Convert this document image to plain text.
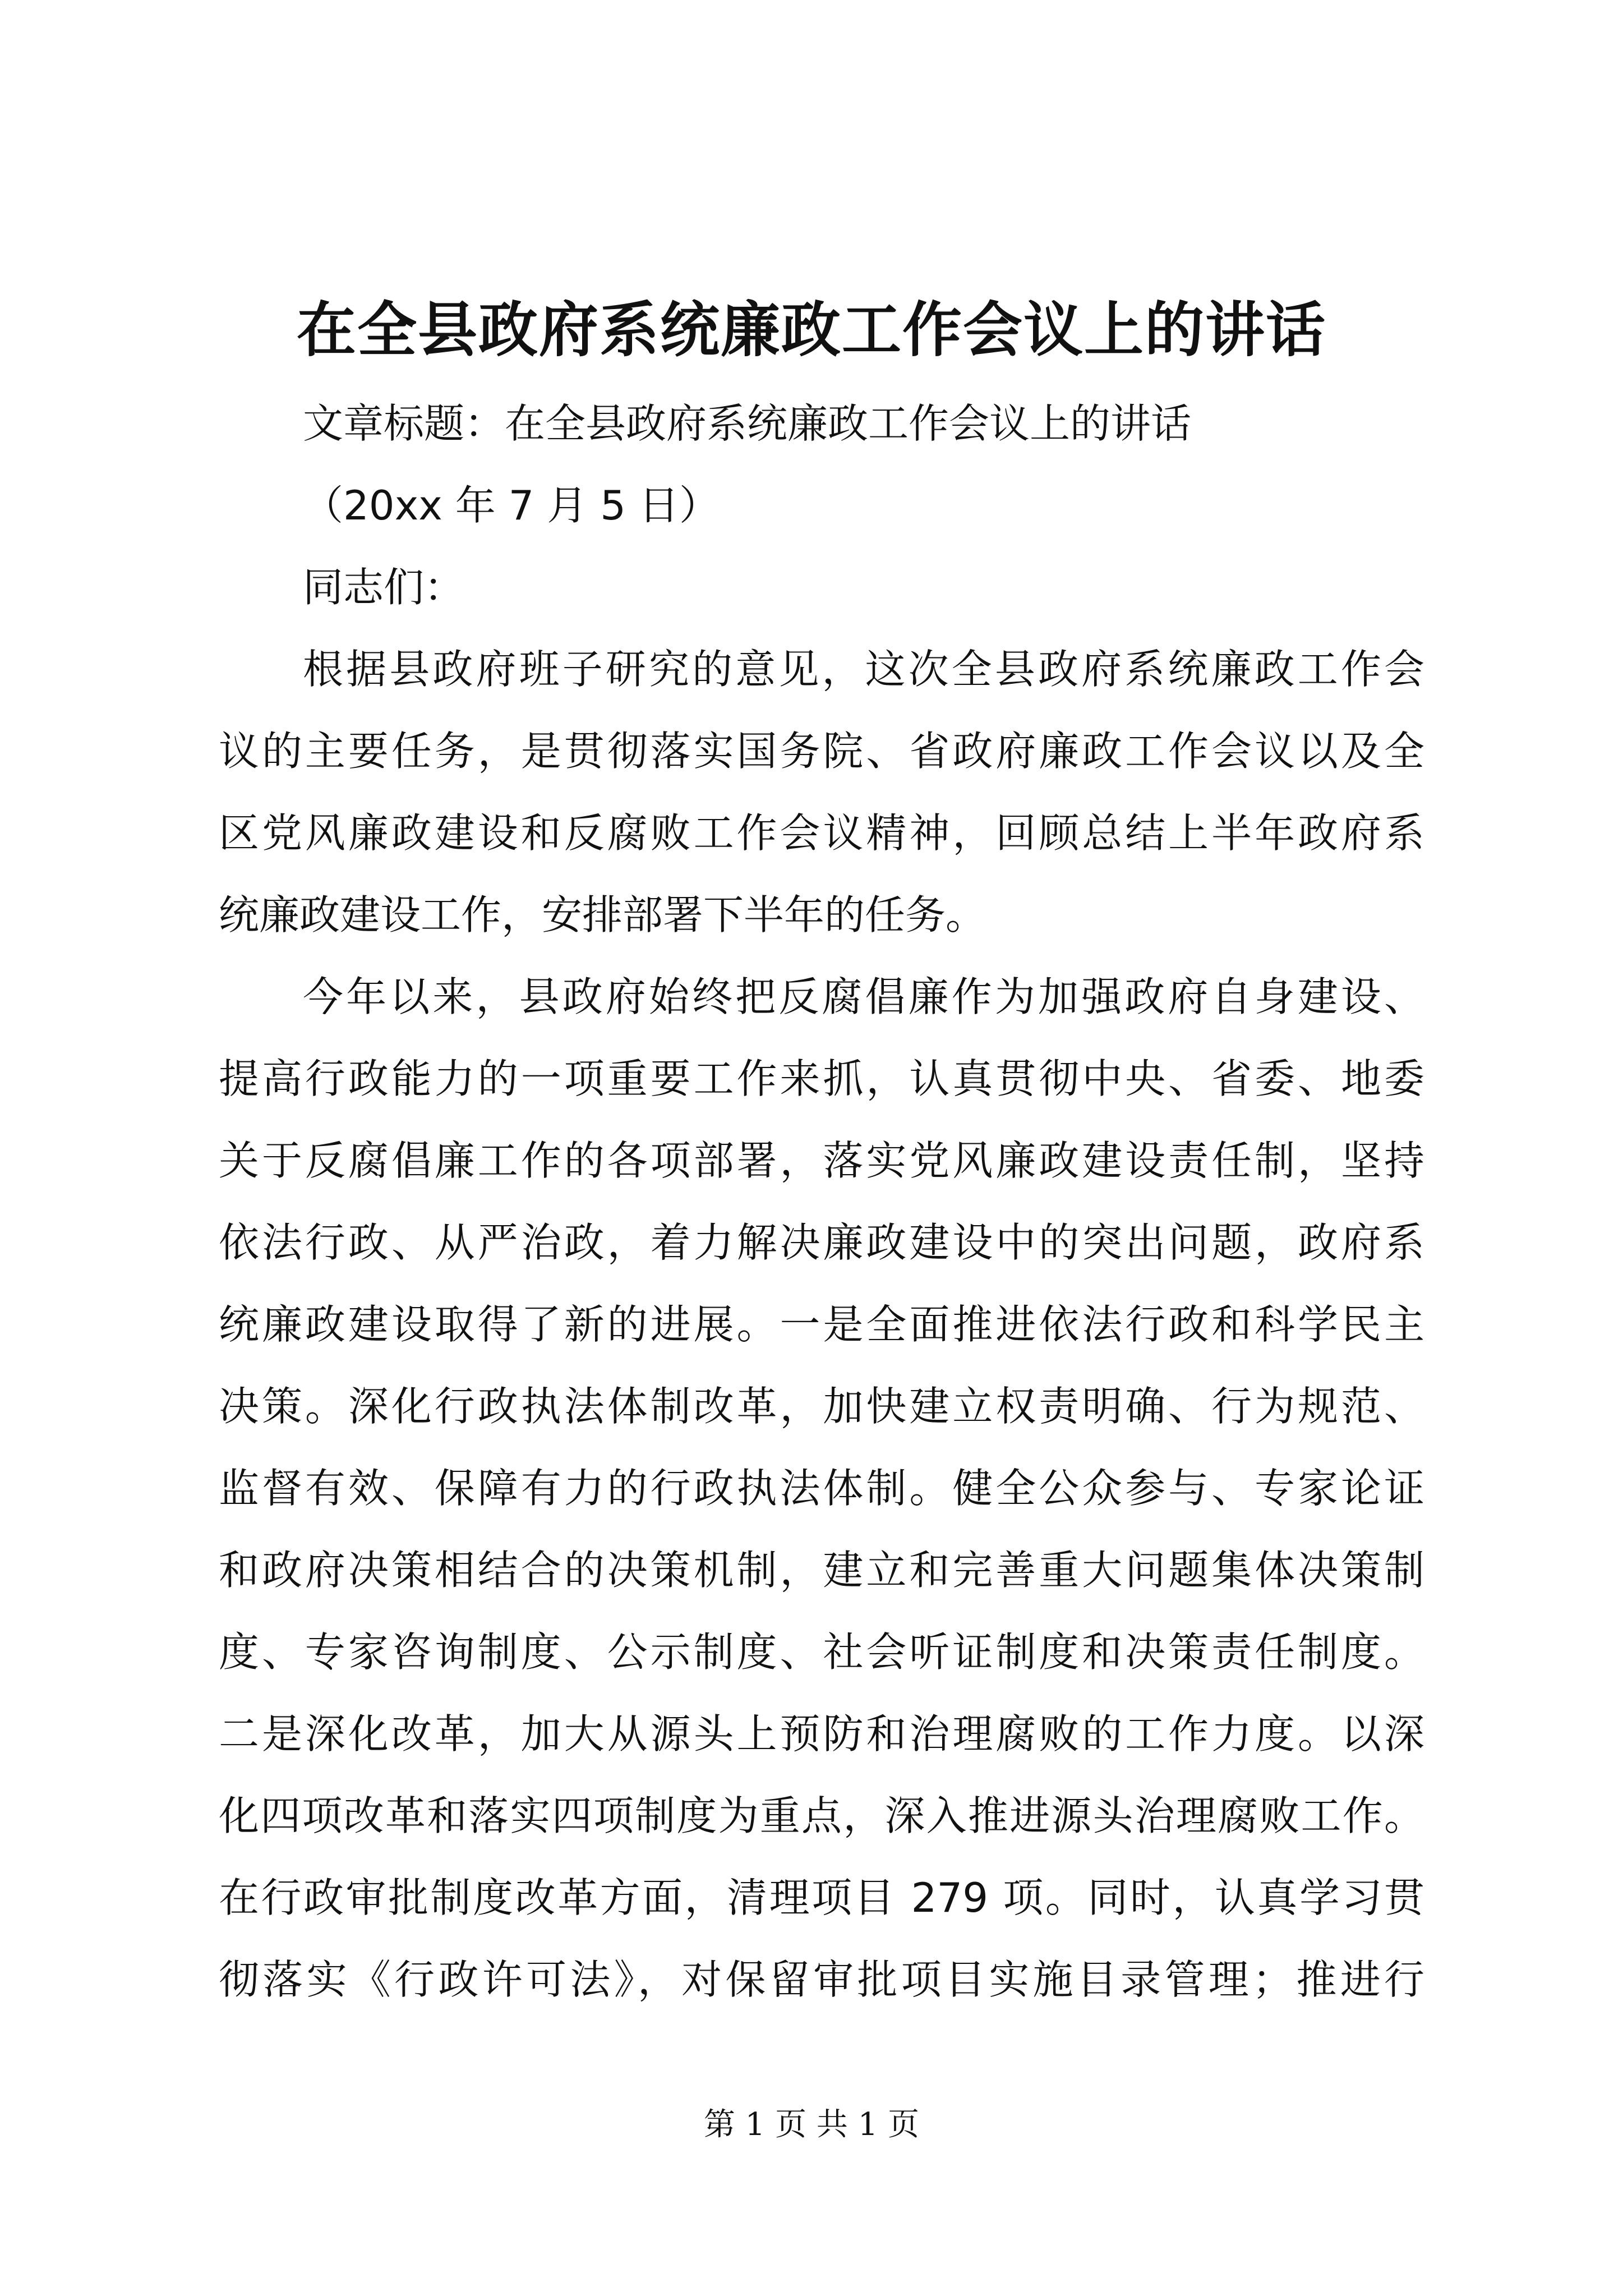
在全县政府系统廉政工作会议上的讲话
文章标题：在全县政府系统廉政工作会议上的讲话
（20xx 年 7 月 5 日）
同志们：
根据县政府班子研究的意见，这次全县政府系统廉政工作会
议的主要任务，是贯彻落实国务院、省政府廉政工作会议以及全
区党风廉政建设和反腐败工作会议精神，回顾总结上半年政府系
统廉政建设工作，安排部署下半年的任务。
今年以来，县政府始终把反腐倡廉作为加强政府自身建设、
提高行政能力的一项重要工作来抓，认真贯彻中央、省委、地委
关于反腐倡廉工作的各项部署，落实党风廉政建设责任制，坚持
依法行政、从严治政，着力解决廉政建设中的突出问题，政府系
统廉政建设取得了新的进展。一是全面推进依法行政和科学民主
决策。深化行政执法体制改革，加快建立权责明确、行为规范、
监督有效、保障有力的行政执法体制。健全公众参与、专家论证
和政府决策相结合的决策机制，建立和完善重大问题集体决策制
度、专家咨询制度、公示制度、社会听证制度和决策责任制度。
二是深化改革，加大从源头上预防和治理腐败的工作力度。以深
化四项改革和落实四项制度为重点，深入推进源头治理腐败工作。
在行政审批制度改革方面，清理项目 279 项。同时，认真学习贯
彻落实《行政许可法》，对保留审批项目实施目录管理；推进行
第 1 页 共 1 页
